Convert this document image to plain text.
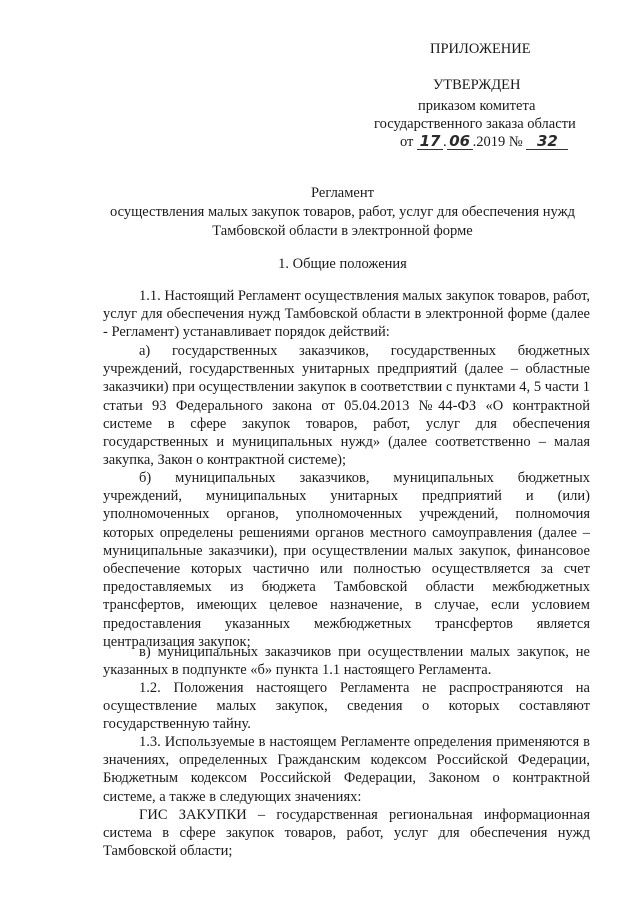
ПРИЛОЖЕНИЕ
УТВЕРЖДЕН
приказом комитета
государственного заказа области
от 17 . 06 .2019 № 32
Регламент
осуществления малых закупок товаров, работ, услуг для обеспечения нужд
Тамбовской области в электронной форме
1. Общие положения

1.1. Настоящий Регламент осуществления малых закупок товаров, работ, услуг для обеспечения нужд Тамбовской области в электронной форме (далее - Регламент) устанавливает порядок действий:

а) государственных заказчиков, государственных бюджетных учреждений, государственных унитарных предприятий (далее – областные заказчики) при осуществлении закупок в соответствии с пунктами 4, 5 части 1 статьи 93 Федерального закона от 05.04.2013 №44-ФЗ «О контрактной системе в сфере закупок товаров, работ, услуг для обеспечения государственных и муниципальных нужд» (далее соответственно – малая закупка, Закон о контрактной системе);

б) муниципальных заказчиков, муниципальных бюджетных учреждений, муниципальных унитарных предприятий и (или) уполномоченных органов, уполномоченных учреждений, полномочия которых определены решениями органов местного самоуправления (далее – муниципальные заказчики), при осуществлении малых закупок, финансовое обеспечение которых частично или полностью осуществляется за счет предоставляемых из бюджета Тамбовской области межбюджетных трансфертов, имеющих целевое назначение, в случае, если условием предоставления указанных межбюджетных трансфертов является централизация закупок;

в) муниципальных заказчиков при осуществлении малых закупок, не указанных в подпункте «б» пункта 1.1 настоящего Регламента.

1.2. Положения настоящего Регламента не распространяются на осуществление малых закупок, сведения о которых составляют государственную тайну.

1.3. Используемые в настоящем Регламенте определения применяются в значениях, определенных Гражданским кодексом Российской Федерации, Бюджетным кодексом Российской Федерации, Законом о контрактной системе, а также в следующих значениях:

ГИС ЗАКУПКИ – государственная региональная информационная система в сфере закупок товаров, работ, услуг для обеспечения нужд Тамбовской области;
